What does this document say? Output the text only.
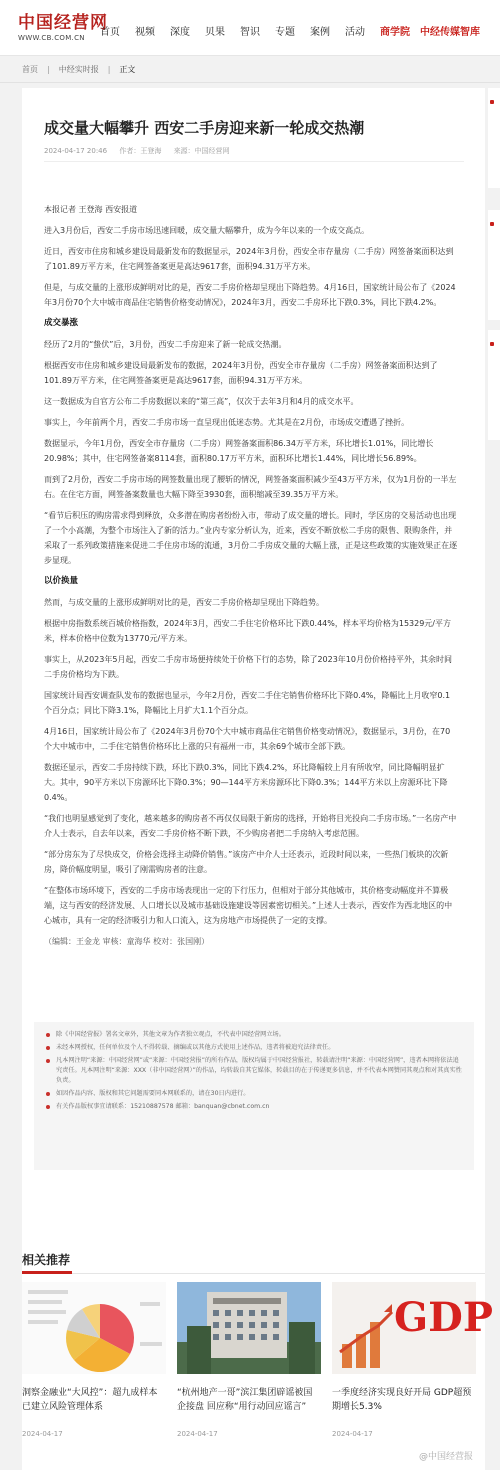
中国经营网
WWW.CB.COM.CN	首页 视频 深度 贝果 智识 专题 案例 活动 商学院 中经传媒智库
首页 | 中经实时报 | 正文
成交量大幅攀升 西安二手房迎来新一轮成交热潮
2024-04-17 20:46 作者：王登海 来源：中国经营网

本报记者 王登海 西安报道

进入3月份后，西安二手房市场迅速回暖，成交量大幅攀升，成为今年以来的一个成交高点。

近日，西安市住房和城乡建设局最新发布的数据显示，2024年3月份，西安全市存量房（二手房）网签备案面积达到了101.89万平方米，住宅网签备案更是高达9617套，面积94.31万平方米。

但是，与成交量的上涨形成鲜明对比的是，西安二手房价格却呈现出下降趋势。4月16日，国家统计局公布了《2024年3月份70个大中城市商品住宅销售价格变动情况》，2024年3月，西安二手房环比下跌0.3%，同比下跌4.2%。

成交暴涨

经历了2月的“蛰伏”后，3月份，西安二手房迎来了新一轮成交热潮。

根据西安市住房和城乡建设局最新发布的数据，2024年3月份，西安全市存量房（二手房）网签备案面积达到了101.89万平方米，住宅网签备案更是高达9617套，面积94.31万平方米。

这一数据成为自官方公布二手房数据以来的“第三高”，仅次于去年3月和4月的成交水平。

事实上，今年前两个月，西安二手房市场一直呈现出低迷态势。尤其是在2月份，市场成交遭遇了挫折。

数据显示，今年1月份，西安全市存量房（二手房）网签备案面积86.34万平方米，环比增长1.01%，同比增长20.98%；其中，住宅网签备案8114套，面积80.17万平方米，面积环比增长1.44%，同比增长56.89%。

而到了2月份，西安二手房市场的网签数量出现了腰斩的情况，网签备案面积减少至43万平方米，仅为1月份的一半左右。在住宅方面，网签备案数量也大幅下降至3930套，面积缩减至39.35万平方米。

“看节后积压的购房需求得到释放，众多潜在购房者纷纷入市，带动了成交量的增长。同时，学区房的交易活动也出现了一个小高潮，为整个市场注入了新的活力。”业内专家分析认为，近来，西安不断放松二手房的限售、限购条件，并采取了一系列政策措施来促进二手住房市场的流通，3月份二手房成交量的大幅上涨，正是这些政策的实施效果正在逐步显现。

以价换量

然而，与成交量的上涨形成鲜明对比的是，西安二手房价格却呈现出下降趋势。

根据中房指数系统百城价格指数，2024年3月，西安二手住宅价格环比下跌0.44%，样本平均价格为15329元/平方米，样本价格中位数为13770元/平方米。

事实上，从2023年5月起，西安二手房市场便持续处于价格下行的态势，除了2023年10月份价格持平外，其余时间二手房价格均为下跌。

国家统计局西安调查队发布的数据也显示，今年2月份，西安二手住宅销售价格环比下降0.4%，降幅比上月收窄0.1个百分点；同比下降3.1%，降幅比上月扩大1.1个百分点。

4月16日，国家统计局公布了《2024年3月份70个大中城市商品住宅销售价格变动情况》，数据显示，3月份，在70个大中城市中，二手住宅销售价格环比上涨的只有福州一市，其余69个城市全部下跌。

数据还显示，西安二手房持续下跌，环比下跌0.3%，同比下跌4.2%，环比降幅较上月有所收窄，同比降幅明显扩大。其中，90平方米以下房源环比下降0.3%；90—144平方米房源环比下降0.3%；144平方米以上房源环比下降0.4%。

“我们也明显感觉到了变化，越来越多的购房者不再仅仅局限于新房的选择，开始将目光投向二手房市场。”一名房产中介人士表示，自去年以来，西安二手房价格不断下跌，不少购房者把二手房纳入考虑范围。

“部分房东为了尽快成交，价格会选择主动降价销售。”该房产中介人士还表示，近段时间以来，一些热门板块的次新房，降价幅度明显，吸引了刚需购房者的注意。

“在整体市场环境下，西安的二手房市场表现出一定的下行压力，但相对于部分其他城市，其价格变动幅度并不算极端，这与西安的经济发展、人口增长以及城市基础设施建设等因素密切相关。”上述人士表示，西安作为西北地区的中心城市，具有一定的经济吸引力和人口流入，这为房地产市场提供了一定的支撑。

（编辑：王金龙 审核：童海华 校对：张国刚）

除《中国经营报》署名文章外，其他文章为作者独立观点，不代表中国经营网立场。
未经本网授权，任何单位及个人不得转载、摘编或以其他方式使用上述作品，违者将被追究法律责任。
凡本网注明“来源：中国经营网”或“来源：中国经营报”的所有作品，版权均属于中国经营报社，转载请注明“来源：中国经营网”，违者本网将依法追究责任。凡本网注明“来源：XXX（非中国经营网）”的作品，均转载自其它媒体，转载目的在于传递更多信息，并不代表本网赞同其观点和对其真实性负责。
如因作品内容、版权和其它问题需要同本网联系的，请在30日内进行。
有关作品版权事宜请联系：15210887578 邮箱：banquan@cbnet.com.cn
相关推荐
洞察金融业“大风控”：超九成样本已建立风险管理体系
2024-04-17
“杭州地产一哥”滨江集团辟谣被国企接盘 回应称“用行动回应谣言”
2024-04-17
GDP
一季度经济实现良好开局 GDP超预期增长5.3%
2024-04-17
@中国经营报
